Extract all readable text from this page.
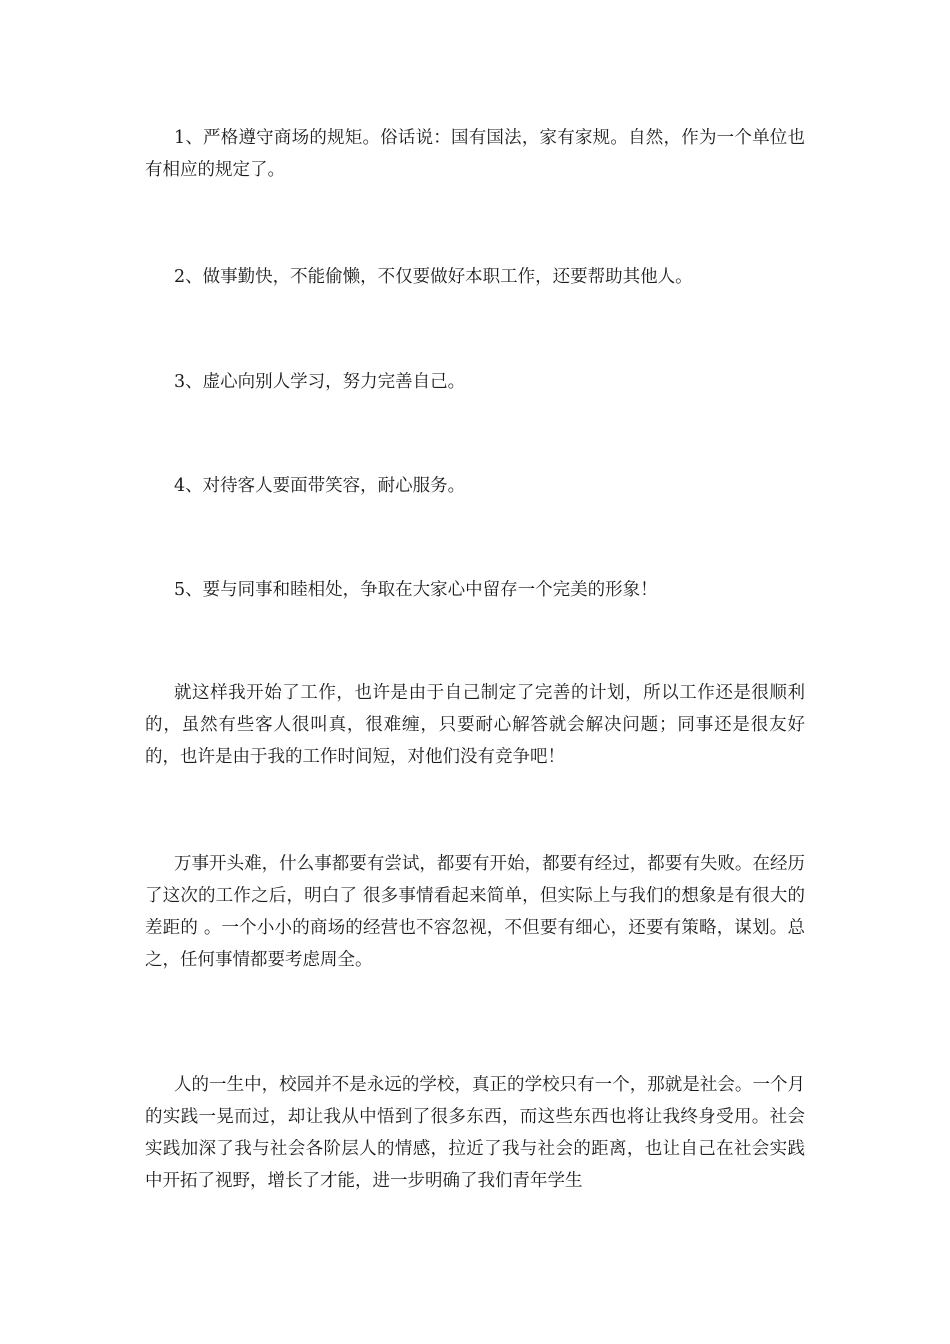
1、严格遵守商场的规矩。俗话说：国有国法，家有家规。自然，作为一个单位也有相应的规定了。

2、做事勤快，不能偷懒，不仅要做好本职工作，还要帮助其他人。

3、虚心向别人学习，努力完善自己。

4、对待客人要面带笑容，耐心服务。

5、要与同事和睦相处，争取在大家心中留存一个完美的形象！

就这样我开始了工作，也许是由于自己制定了完善的计划，所以工作还是很顺利的，虽然有些客人很叫真，很难缠，只要耐心解答就会解决问题；同事还是很友好的，也许是由于我的工作时间短，对他们没有竞争吧！

万事开头难，什么事都要有尝试，都要有开始，都要有经过，都要有失败。在经历了这次的工作之后，明白了 很多事情看起来简单，但实际上与我们的想象是有很大的差距的 。一个小小的商场的经营也不容忽视，不但要有细心，还要有策略，谋划。总之，任何事情都要考虑周全。

人的一生中，校园并不是永远的学校，真正的学校只有一个，那就是社会。一个月的实践一晃而过，却让我从中悟到了很多东西，而这些东西也将让我终身受用。社会实践加深了我与社会各阶层人的情感，拉近了我与社会的距离，也让自己在社会实践中开拓了视野，增长了才能，进一步明确了我们青年学生
